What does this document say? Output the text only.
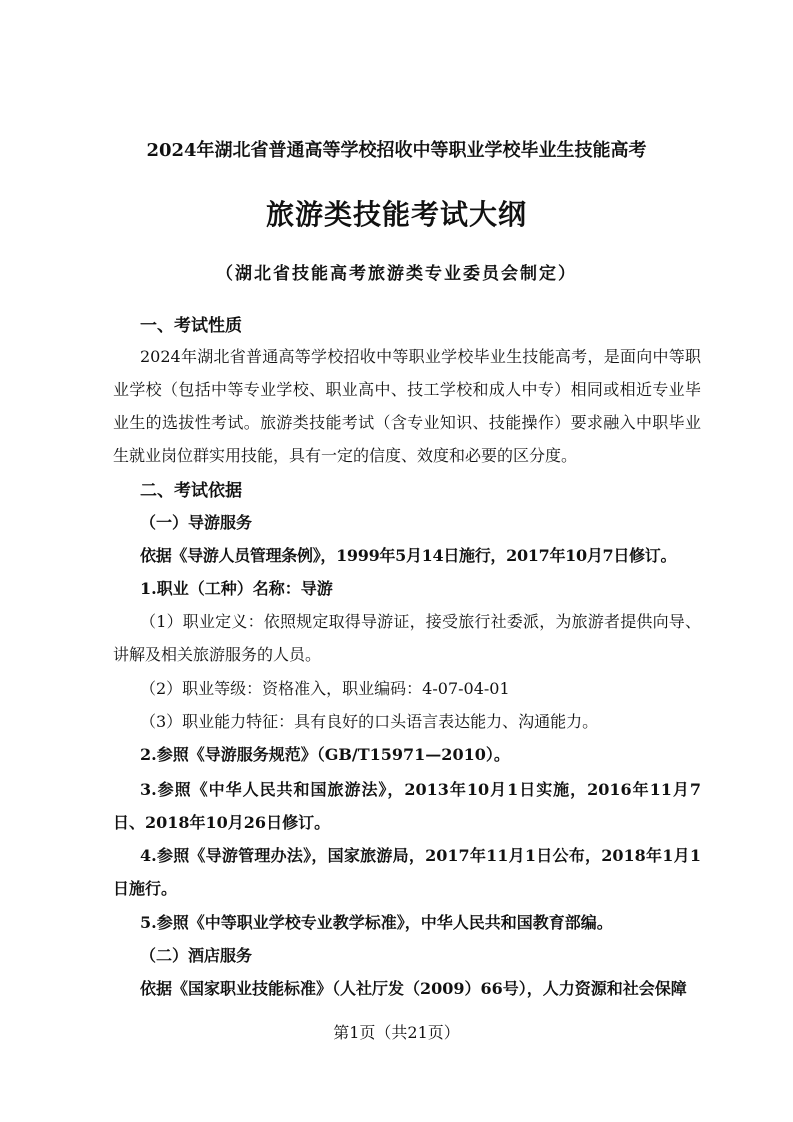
2024年湖北省普通高等学校招收中等职业学校毕业生技能高考
旅游类技能考试大纲
（湖北省技能高考旅游类专业委员会制定）
一、考试性质
2024年湖北省普通高等学校招收中等职业学校毕业生技能高考，是面向中等职业学校（包括中等专业学校、职业高中、技工学校和成人中专）相同或相近专业毕业生的选拔性考试。旅游类技能考试（含专业知识、技能操作）要求融入中职毕业生就业岗位群实用技能，具有一定的信度、效度和必要的区分度。
二、考试依据
（一）导游服务
依据《导游人员管理条例》，1999年5月14日施行，2017年10月7日修订。
1.职业（工种）名称：导游
（1）职业定义：依照规定取得导游证，接受旅行社委派，为旅游者提供向导、讲解及相关旅游服务的人员。
（2）职业等级：资格准入，职业编码：4-07-04-01
（3）职业能力特征：具有良好的口头语言表达能力、沟通能力。
2.参照《导游服务规范》（GB/T15971—2010）。
3.参照《中华人民共和国旅游法》，2013年10月1日实施，2016年11月7日、2018年10月26日修订。
4.参照《导游管理办法》，国家旅游局，2017年11月1日公布，2018年1月1日施行。
5.参照《中等职业学校专业教学标准》，中华人民共和国教育部编。
（二）酒店服务
依据《国家职业技能标准》（人社厅发（2009）66号），人力资源和社会保障
第1页（共21页）
